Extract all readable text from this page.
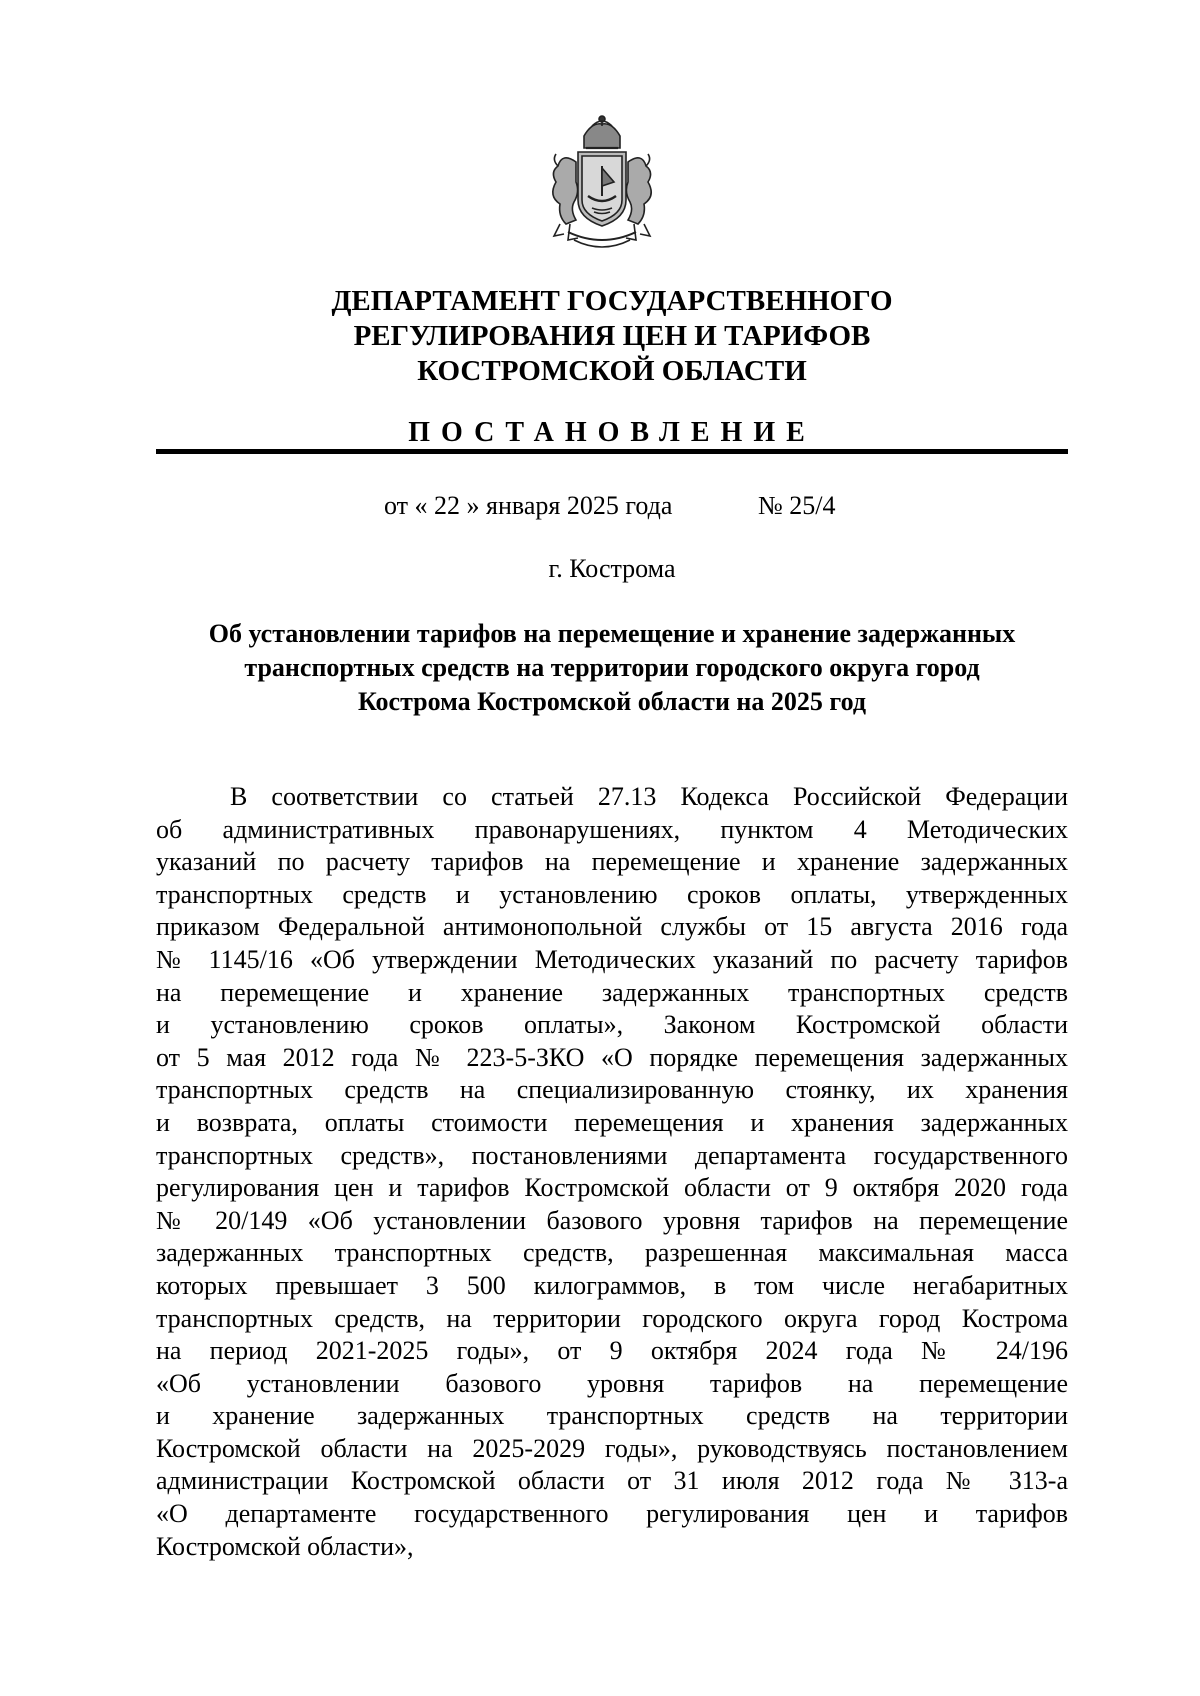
ДЕПАРТАМЕНТ ГОСУДАРСТВЕННОГО
РЕГУЛИРОВАНИЯ ЦЕН И ТАРИФОВ
КОСТРОМСКОЙ ОБЛАСТИ
ПОСТАНОВЛЕНИЕ
от « 22 » января 2025 года	№ 25/4
г. Кострома
Об установлении тарифов на перемещение и хранение задержанных
транспортных средств на территории городского округа город
Кострома Костромской области на 2025 год
В соответствии со статьей 27.13 Кодекса Российской Федерации
об административных правонарушениях, пунктом 4 Методических
указаний по расчету тарифов на перемещение и хранение задержанных
транспортных средств и установлению сроков оплаты, утвержденных
приказом Федеральной антимонопольной службы от 15 августа 2016 года
№ 1145/16 «Об утверждении Методических указаний по расчету тарифов
на перемещение и хранение задержанных транспортных средств
и установлению сроков оплаты», Законом Костромской области
от 5 мая 2012 года № 223-5-ЗКО «О порядке перемещения задержанных
транспортных средств на специализированную стоянку, их хранения
и возврата, оплаты стоимости перемещения и хранения задержанных
транспортных средств», постановлениями департамента государственного
регулирования цен и тарифов Костромской области от 9 октября 2020 года
№ 20/149 «Об установлении базового уровня тарифов на перемещение
задержанных транспортных средств, разрешенная максимальная масса
которых превышает 3 500 килограммов, в том числе негабаритных
транспортных средств, на территории городского округа город Кострома
на период 2021-2025 годы», от 9 октября 2024 года № 24/196
«Об установлении базового уровня тарифов на перемещение
и хранение задержанных транспортных средств на территории
Костромской области на 2025-2029 годы», руководствуясь постановлением
администрации Костромской области от 31 июля 2012 года № 313-а
«О департаменте государственного регулирования цен и тарифов
Костромской области»,
